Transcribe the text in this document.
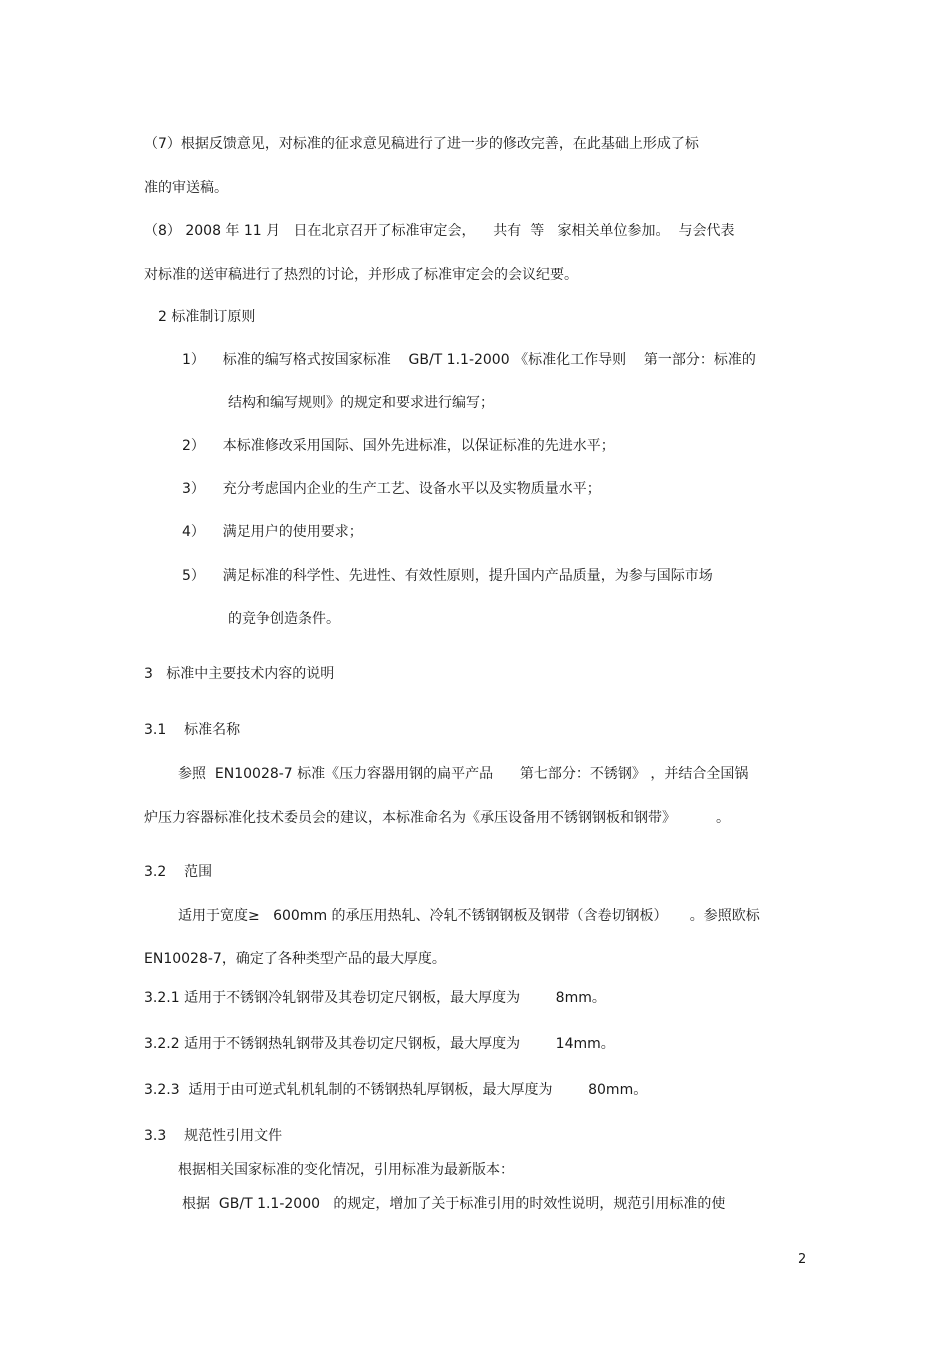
（7）根据反馈意见，对标准的征求意见稿进行了进一步的修改完善，在此基础上形成了标
准的审送稿。
（8） 2008 年 11 月   日在北京召开了标准审定会，    共有  等   家相关单位参加。  与会代表
对标准的送审稿进行了热烈的讨论，并形成了标准审定会的会议纪要。
2 标准制订原则
1）    标准的编写格式按国家标准    GB/T 1.1-2000 《标准化工作导则    第一部分：标准的
结构和编写规则》的规定和要求进行编写；
2）    本标准修改采用国际、国外先进标准，以保证标准的先进水平；
3）    充分考虑国内企业的生产工艺、设备水平以及实物质量水平；
4）    满足用户的使用要求；
5）    满足标准的科学性、先进性、有效性原则，提升国内产品质量，为参与国际市场
的竞争创造条件。
3   标准中主要技术内容的说明
3.1    标准名称
参照  EN10028-7 标准《压力容器用钢的扁平产品      第七部分：不锈钢》 ，并结合全国锅
炉压力容器标准化技术委员会的建议，本标准命名为《承压设备用不锈钢钢板和钢带》         。
3.2    范围
适用于宽度≥   600mm 的承压用热轧、冷轧不锈钢钢板及钢带（含卷切钢板）     。参照欧标
EN10028-7，确定了各种类型产品的最大厚度。
3.2.1 适用于不锈钢冷轧钢带及其卷切定尺钢板，最大厚度为        8mm。
3.2.2 适用于不锈钢热轧钢带及其卷切定尺钢板，最大厚度为        14mm。
3.2.3  适用于由可逆式轧机轧制的不锈钢热轧厚钢板，最大厚度为        80mm。
3.3    规范性引用文件
根据相关国家标准的变化情况，引用标准为最新版本：
根据  GB/T 1.1-2000   的规定，增加了关于标准引用的时效性说明，规范引用标准的使
2
